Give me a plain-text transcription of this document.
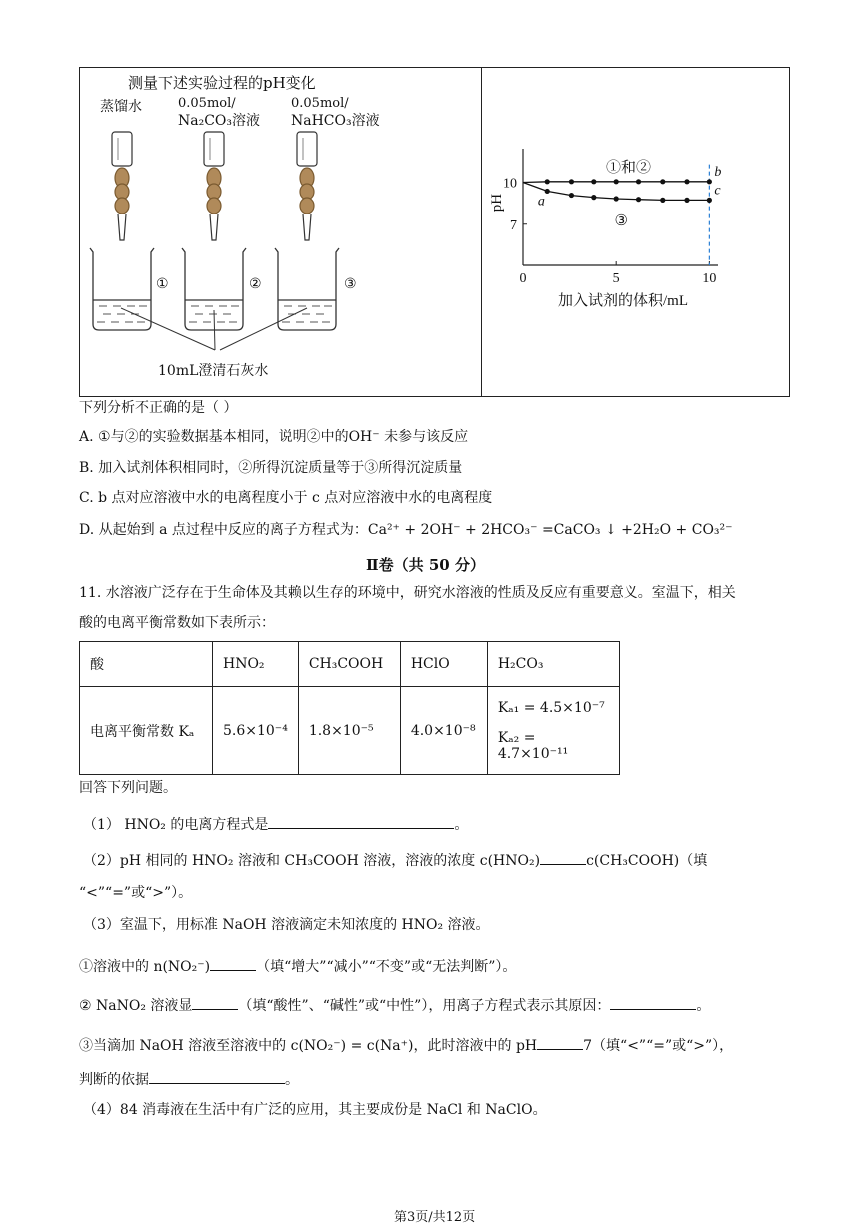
测量下述实验过程的pH变化
蒸馏水	0.05mol/
Na₂CO₃溶液
0.05mol/
NaHCO₃溶液
①	②	③
10mL澄清石灰水
0	5	10
7
10
pH
加入试剂的体积/mL
①和②
③
a
b
c
下列分析不正确的是（ ）
A. ①与②的实验数据基本相同，说明②中的OH⁻ 未参与该反应
B. 加入试剂体积相同时，②所得沉淀质量等于③所得沉淀质量
C. b 点对应溶液中水的电离程度小于 c 点对应溶液中水的电离程度
D. 从起始到 a 点过程中反应的离子方程式为：Ca²⁺ + 2OH⁻ + 2HCO₃⁻ =CaCO₃ ↓ +2H₂O + CO₃²⁻
Ⅱ卷（共 50 分）
11. 水溶液广泛存在于生命体及其赖以生存的环境中，研究水溶液的性质及反应有重要意义。室温下，相关
酸的电离平衡常数如下表所示：
酸	HNO₂	CH₃COOH	HClO	H₂CO₃
电离平衡常数 Kₐ	5.6×10⁻⁴	1.8×10⁻⁵	4.0×10⁻⁸	Kₐ₁ = 4.5×10⁻⁷
Kₐ₂ = 4.7×10⁻¹¹
回答下列问题。
（1） HNO₂ 的电离方程式是	。
（2）pH 相同的 HNO₂ 溶液和 CH₃COOH 溶液，溶液的浓度 c(HNO₂)	c(CH₃COOH)（填
“<”“=”或“>”）。
（3）室温下，用标准 NaOH 溶液滴定未知浓度的 HNO₂ 溶液。
①溶液中的 n(NO₂⁻)	（填“增大”“减小”“不变”或“无法判断”）。
② NaNO₂ 溶液显	（填“酸性”、“碱性”或“中性”），用离子方程式表示其原因：	。
③当滴加 NaOH 溶液至溶液中的 c(NO₂⁻) = c(Na⁺)，此时溶液中的 pH	7（填“<”“=”或“>”），
判断的依据	。
（4）84 消毒液在生活中有广泛的应用，其主要成份是 NaCl 和 NaClO。
第3页/共12页
